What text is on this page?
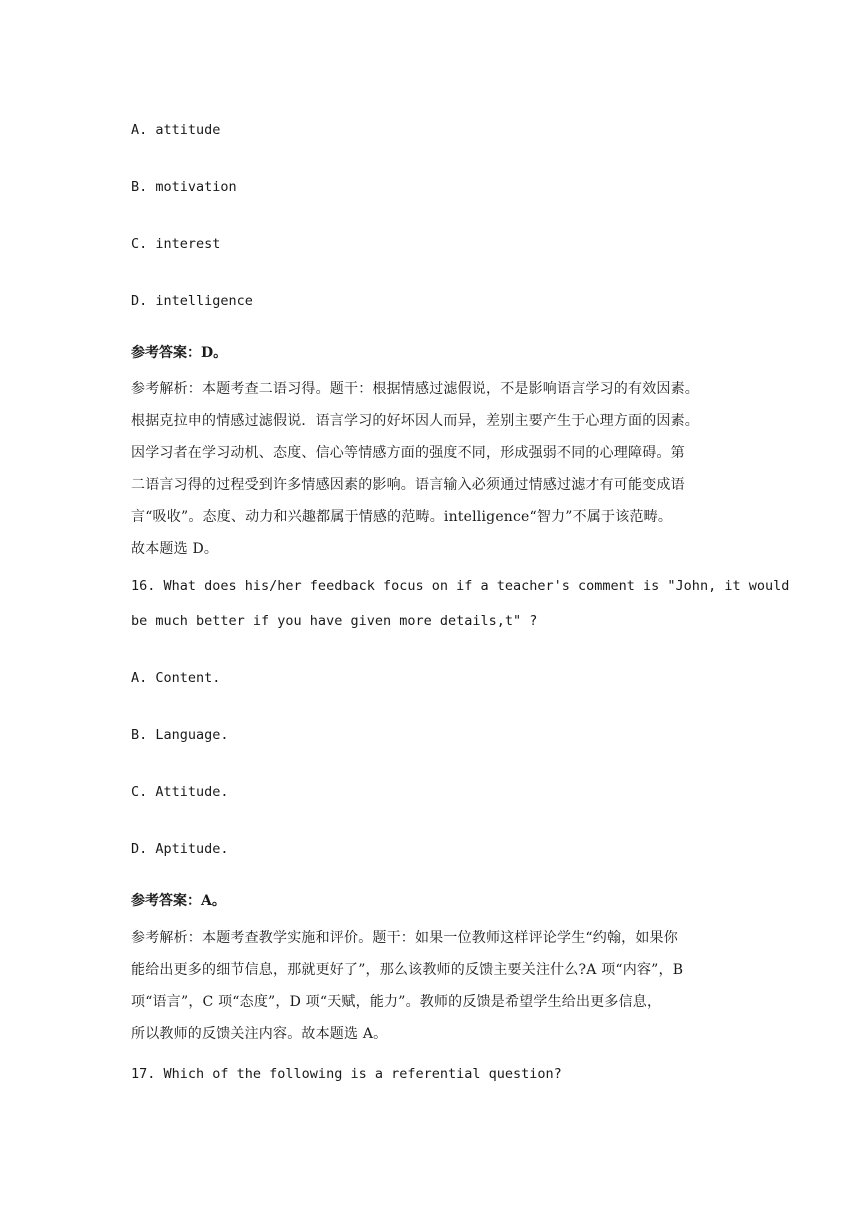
A. attitude
B. motivation
C. interest
D. intelligence
参考答案：D。
参考解析：本题考查二语习得。题干：根据情感过滤假说，不是影响语言学习的有效因素。
根据克拉申的情感过滤假说．语言学习的好坏因人而异，差别主要产生于心理方面的因素。
因学习者在学习动机、态度、信心等情感方面的强度不同，形成强弱不同的心理障碍。第
二语言习得的过程受到许多情感因素的影响。语言输入必须通过情感过滤才有可能变成语
言“吸收”。态度、动力和兴趣都属于情感的范畴。intelligence“智力”不属于该范畴。
故本题选 D。
16. What does his/her feedback focus on if a teacher's comment is "John, it would
be much better if you have given more details,t" ?
A. Content.
B. Language.
C. Attitude.
D. Aptitude.
参考答案：A。
参考解析：本题考查教学实施和评价。题干：如果一位教师这样评论学生“约翰，如果你
能给出更多的细节信息，那就更好了”，那么该教师的反馈主要关注什么?A 项“内容”，B
项“语言”，C 项“态度”，D 项“天赋，能力”。教师的反馈是希望学生给出更多信息，
所以教师的反馈关注内容。故本题选 A。
17. Which of the following is a referential question?
